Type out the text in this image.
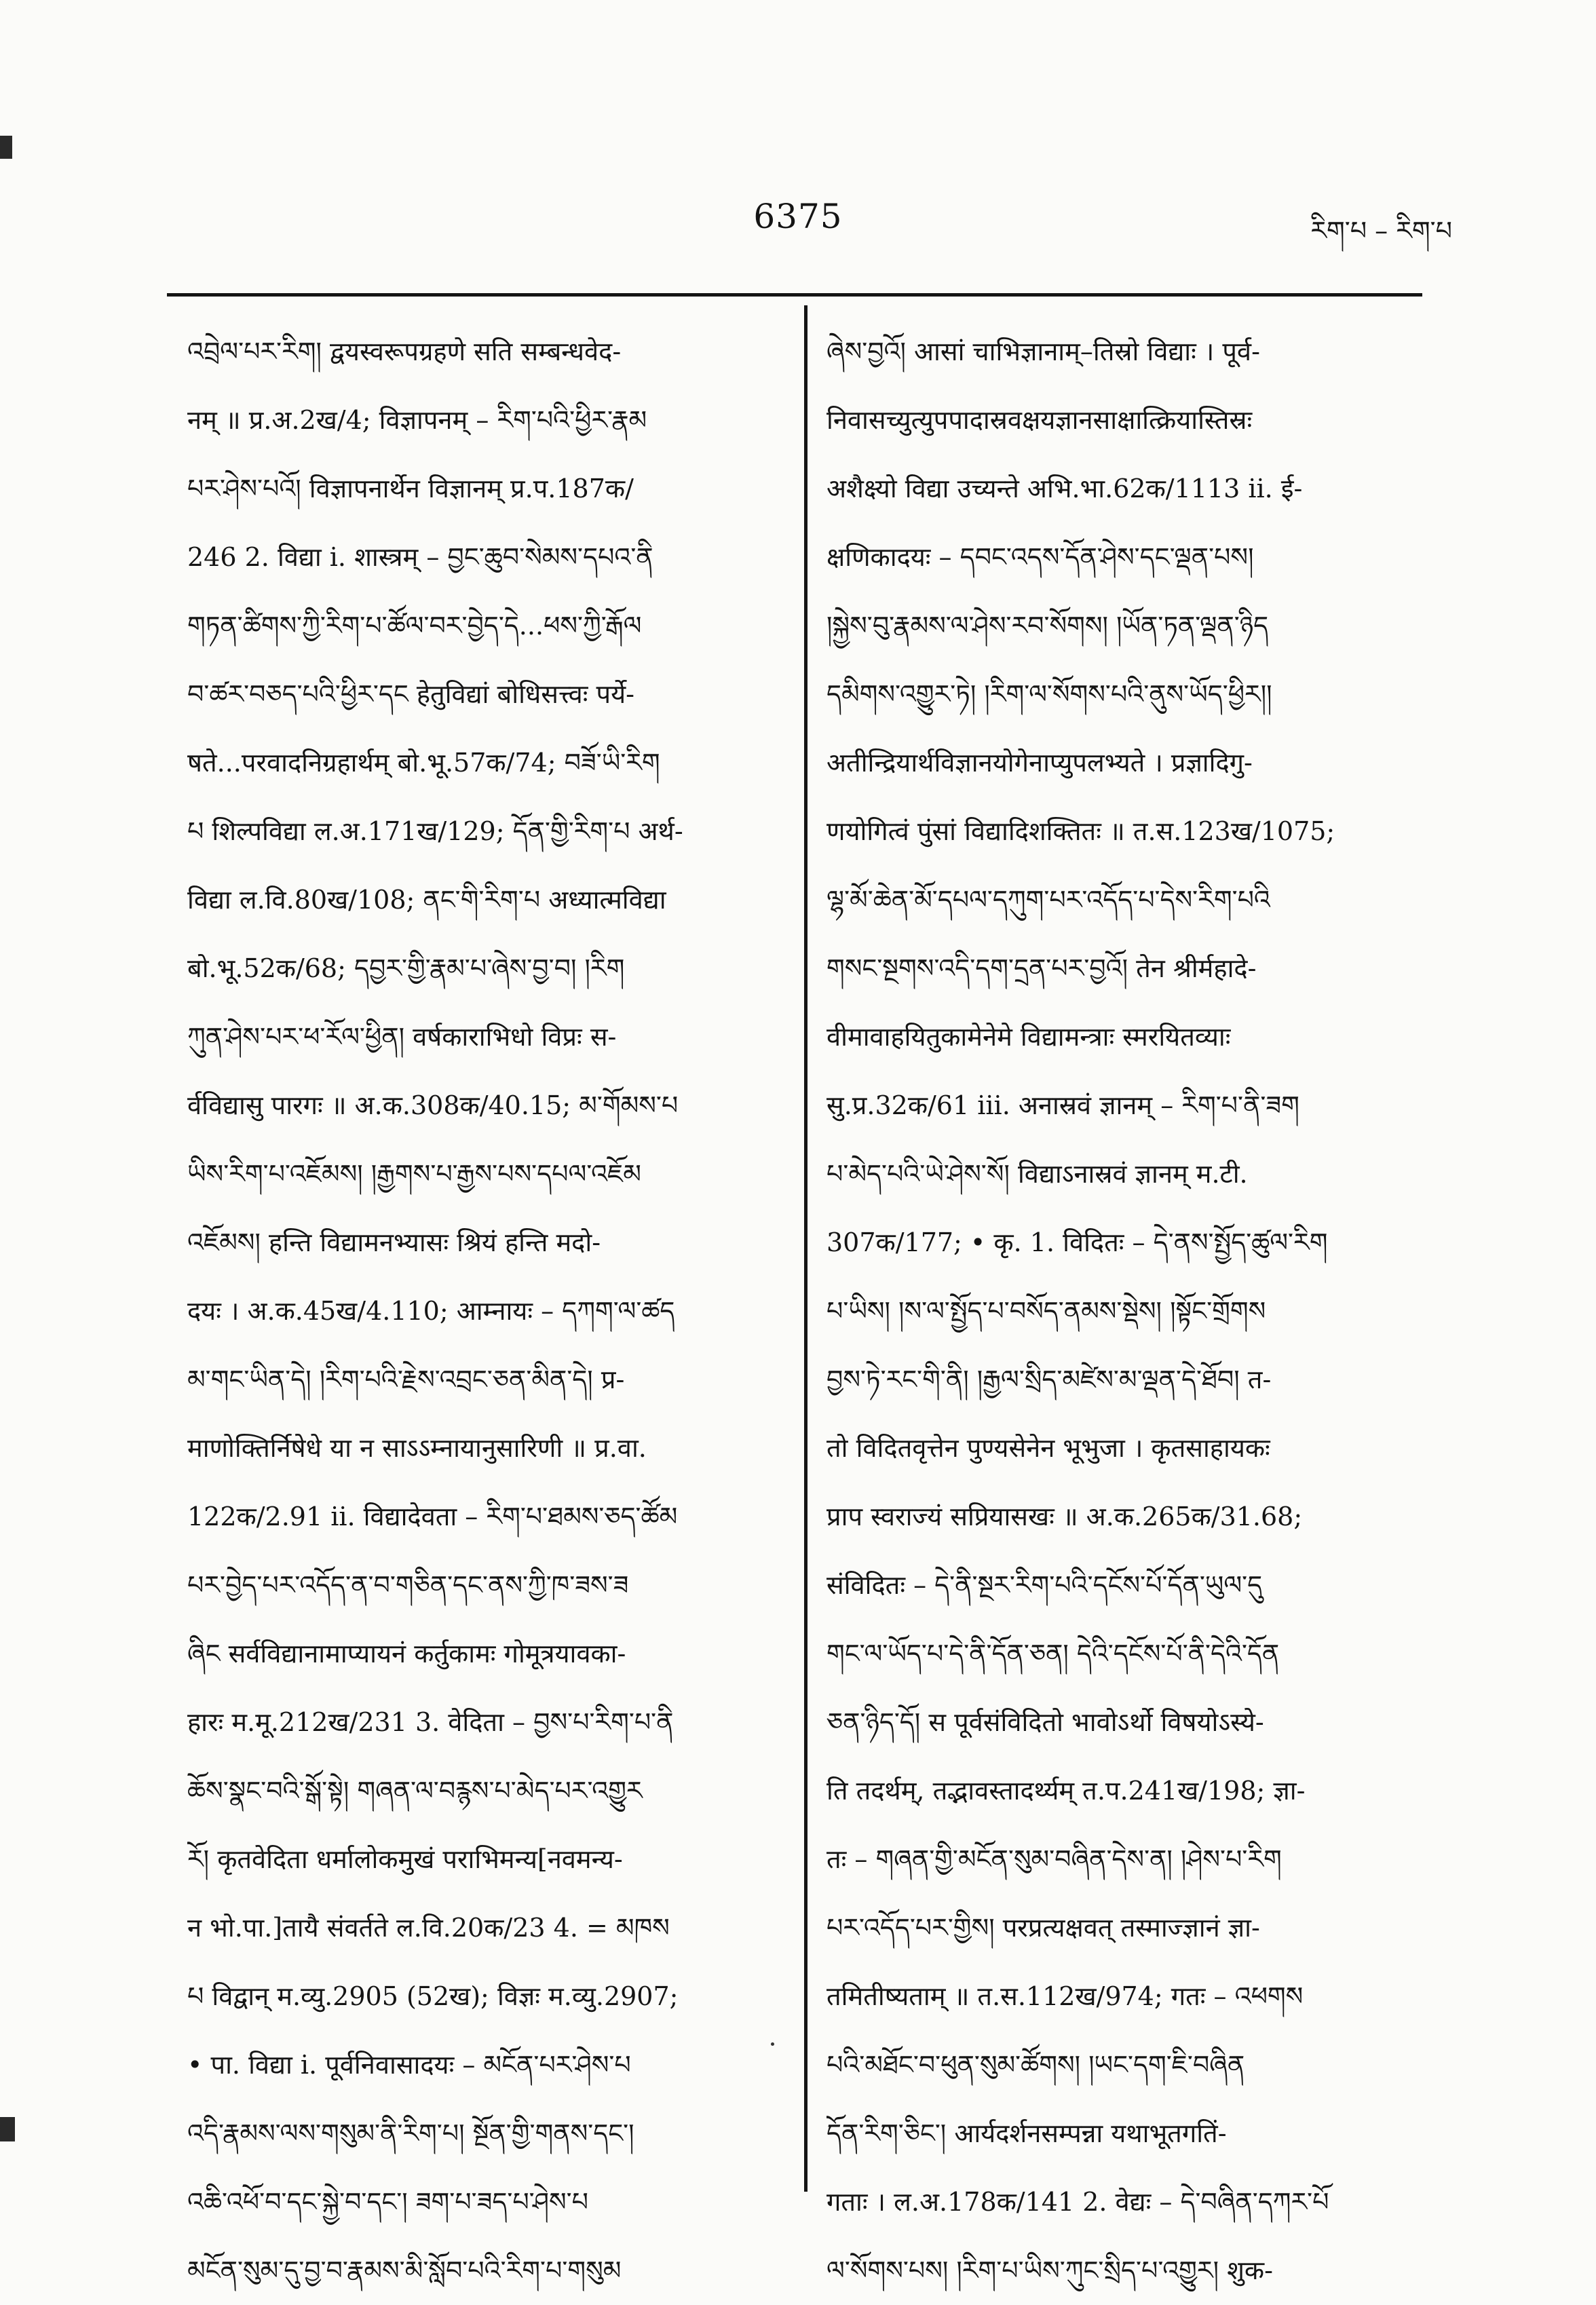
6375	རིག་པ – རིག་པ
འབྲེལ་པར་རིག། द्वयस्वरूपग्रहणे सति सम्बन्धवेद-
नम् ॥ प्र.अ.2ख/4; विज्ञापनम् – རིག་པའི་ཕྱིར་རྣམ
པར་ཤེས་པའོ། विज्ञापनार्थेन विज्ञानम् प्र.प.187क/
246 2. विद्या i. शास्त्रम् – བྱང་ཆུབ་སེམས་དཔའ་ནི
གཏན་ཚིགས་ཀྱི་རིག་པ་ཚོལ་བར་བྱེད་དེ...ཕས་ཀྱི་རྒོལ
བ་ཚར་བཅད་པའི་ཕྱིར་དང हेतुविद्यां बोधिसत्त्वः पर्ये-
षते...परवादनिग्रहार्थम् बो.भू.57क/74; བཟོ་ཡི་རིག
པ शिल्पविद्या ल.अ.171ख/129; དོན་གྱི་རིག་པ अर्थ-
विद्या ल.वि.80ख/108; ནང་གི་རིག་པ अध्यात्मविद्या
बो.भू.52क/68; དབྱར་གྱི་རྣམ་པ་ཞེས་བྱ་བ། །རིག
ཀུན་ཤེས་པར་ཕ་རོལ་ཕྱིན། वर्षकाराभिधो विप्रः स-
र्वविद्यासु पारगः ॥ अ.क.308क/40.15; མ་གོམས་པ
ཡིས་རིག་པ་འཇོམས། །རྒྱགས་པ་རྒྱས་པས་དཔལ་འཇོམ
འཇོམས། हन्ति विद्यामनभ्यासः श्रियं हन्ति मदो-
दयः । अ.क.45ख/4.110; आम्नायः – དཀག་ལ་ཚད
མ་གང་ཡིན་དེ། །རིག་པའི་རྗེས་འབྲང་ཅན་མིན་དེ། प्र-
माणोक्तिर्निषेधे या न साऽऽम्नायानुसारिणी ॥ प्र.वा.
122क/2.91 ii. विद्यादेवता – རིག་པ་ཐམས་ཅད་ཚོམ
པར་བྱེད་པར་འདོད་ན་བ་གཅིན་དང་ནས་ཀྱི་ཁ་ཟས་ཟ
ཞིང सर्वविद्यानामाप्यायनं कर्तुकामः गोमूत्रयावका-
हारः म.मू.212ख/231 3. वेदिता – བྱས་པ་རིག་པ་ནི
ཆོས་སྣང་བའི་སྒོ་སྟེ། གཞན་ལ་བརྙས་པ་མེད་པར་འགྱུར
རོ། कृतवेदिता धर्मालोकमुखं पराभिमन्य[नवमन्य-
न भो.पा.]तायै संवर्तते ल.वि.20क/23 4. = མཁས
པ विद्वान् म.व्यु.2905 (52ख); विज्ञः म.व्यु.2907;
• पा. विद्या i. पूर्वनिवासादयः – མངོན་པར་ཤེས་པ
འདི་རྣམས་ལས་གསུམ་ནི་རིག་པ། སྔོན་གྱི་གནས་དང་།
འཆི་འཕོ་བ་དང་སྐྱེ་བ་དང་། ཟག་པ་ཟད་པ་ཤེས་པ
མངོན་སུམ་དུ་བྱ་བ་རྣམས་མི་སློབ་པའི་རིག་པ་གསུམ
ཞེས་བྱའོ། आसां चाभिज्ञानाम्–तिस्रो विद्याः । पूर्व-
निवासच्युत्युपपादास्रवक्षयज्ञानसाक्षात्क्रियास्तिस्रः
अशैक्ष्यो विद्या उच्यन्ते अभि.भा.62क/1113 ii. ई-
क्षणिकादयः – དབང་འདས་དོན་ཤེས་དང་ལྡན་པས།
།སྐྱེས་བུ་རྣམས་ལ་ཤེས་རབ་སོགས། །ཡོན་ཏན་ལྡན་ཉིད
དམིགས་འགྱུར་ཏེ། །རིག་ལ་སོགས་པའི་ནུས་ཡོད་ཕྱིར།།
अतीन्द्रियार्थविज्ञानयोगेनाप्युपलभ्यते । प्रज्ञादिगु-
णयोगित्वं पुंसां विद्यादिशक्तितः ॥ त.स.123ख/1075;
ལྷ་མོ་ཆེན་མོ་དཔལ་དཀུག་པར་འདོད་པ་དེས་རིག་པའི
གསང་སྔགས་འདི་དག་དྲན་པར་བྱའོ། तेन श्रीर्महादे-
वीमावाहयितुकामेनेमे विद्यामन्त्राः स्मरयितव्याः
सु.प्र.32क/61 iii. अनास्रवं ज्ञानम् – རིག་པ་ནི་ཟག
པ་མེད་པའི་ཡེ་ཤེས་སོ། विद्याऽनास्रवं ज्ञानम् म.टी.
307क/177; • कृ. 1. विदितः – དེ་ནས་སྤྱོད་ཚུལ་རིག
པ་ཡིས། །ས་ལ་སྤྱོད་པ་བསོད་ནམས་སྡེས། །སྟོང་གྲོགས
བྱས་ཏེ་རང་གི་ནི། །རྒྱལ་སྲིད་མཛེས་མ་ལྡན་དེ་ཐོབ། त-
तो विदितवृत्तेन पुण्यसेनेन भूभुजा । कृतसाहायकः
प्राप स्वराज्यं सप्रियासखः ॥ अ.क.265क/31.68;
संविदितः – དེ་ནི་སྔར་རིག་པའི་དངོས་པོ་དོན་ཡུལ་དུ
གང་ལ་ཡོད་པ་དེ་ནི་དོན་ཅན། དེའི་དངོས་པོ་ནི་དེའི་དོན
ཅན་ཉིད་དོ། स पूर्वसंविदितो भावोऽर्थो विषयोऽस्ये-
ति तदर्थम्, तद्भावस्तादर्थ्यम् त.प.241ख/198; ज्ञा-
तः – གཞན་གྱི་མངོན་སུམ་བཞིན་དེས་ན། །ཤེས་པ་རིག
པར་འདོད་པར་གྱིས། परप्रत्यक्षवत् तस्माज्ज्ञानं ज्ञा-
तमितीष्यताम् ॥ त.स.112ख/974; गतः – འཕགས
པའི་མཐོང་བ་ཕུན་སུམ་ཚོགས། །ཡང་དག་ཇི་བཞིན
དོན་རིག་ཅིང་། आर्यदर्शनसम्पन्ना यथाभूतगतिं-
गताः । ल.अ.178क/141 2. वेद्यः – དེ་བཞིན་དཀར་པོ
ལ་སོགས་པས། །རིག་པ་ཡིས་ཀུང་སྲིད་པ་འགྱུར། शुक-
